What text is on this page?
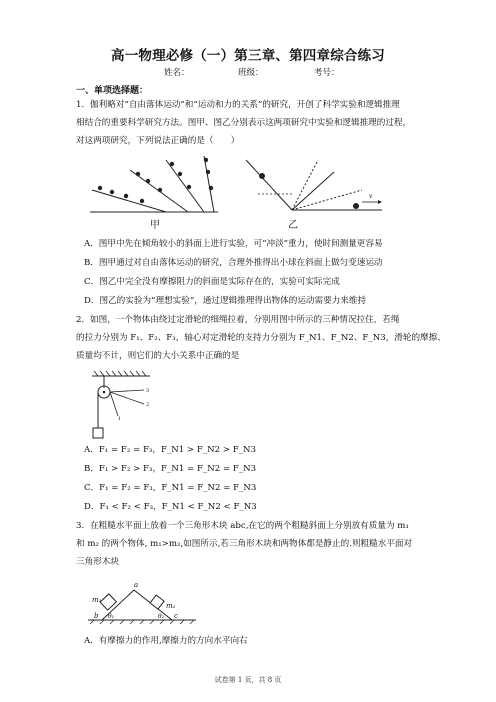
高一物理必修（一）第三章、第四章综合练习
姓名：	班级：	考号：
一、单项选择题：
1．伽利略对“自由落体运动”和“运动和力的关系”的研究，开创了科学实验和逻辑推理
相结合的重要科学研究方法。图甲、图乙分别表示这两项研究中实验和逻辑推理的过程，
对这两项研究，下列说法正确的是（　　）
甲
v
乙
A．图甲中先在倾角较小的斜面上进行实验，可“冲淡”重力，使时间测量更容易
B．图甲通过对自由落体运动的研究，合理外推得出小球在斜面上做匀变速运动
C．图乙中完全没有摩擦阻力的斜面是实际存在的，实验可实际完成
D．图乙的实验为“理想实验”，通过逻辑推理得出物体的运动需要力来维持
2．如图，一个物体由绕过定滑轮的细绳拉着，分别用图中所示的三种情况拉住，若绳
的拉力分别为 F₁、F₂、F₃，轴心对定滑轮的支持力分别为 F_N1、F_N2、F_N3，滑轮的摩擦、
质量均不计，则它们的大小关系中正确的是
3
2
1
A．F₁ = F₂ = F₃，F_N1 > F_N2 > F_N3
B．F₁ > F₂ > F₃，F_N1 = F_N2 = F_N3
C．F₁ = F₂ = F₃，F_N1 = F_N2 = F_N3
D．F₁ < F₂ < F₃，F_N1 < F_N2 < F_N3
3．在粗糙水平面上放着一个三角形木块 abc,在它的两个粗糙斜面上分别放有质量为 m₁
和 m₂ 的两个物体, m₁>m₂,如图所示,若三角形木块和两物体都是静止的.则粗糙水平面对
三角形木块
a
b	c
m₁
m₂
θ₁	θ₂
A．有摩擦力的作用,摩擦力的方向水平向右
试卷第 1 页，共 8 页
